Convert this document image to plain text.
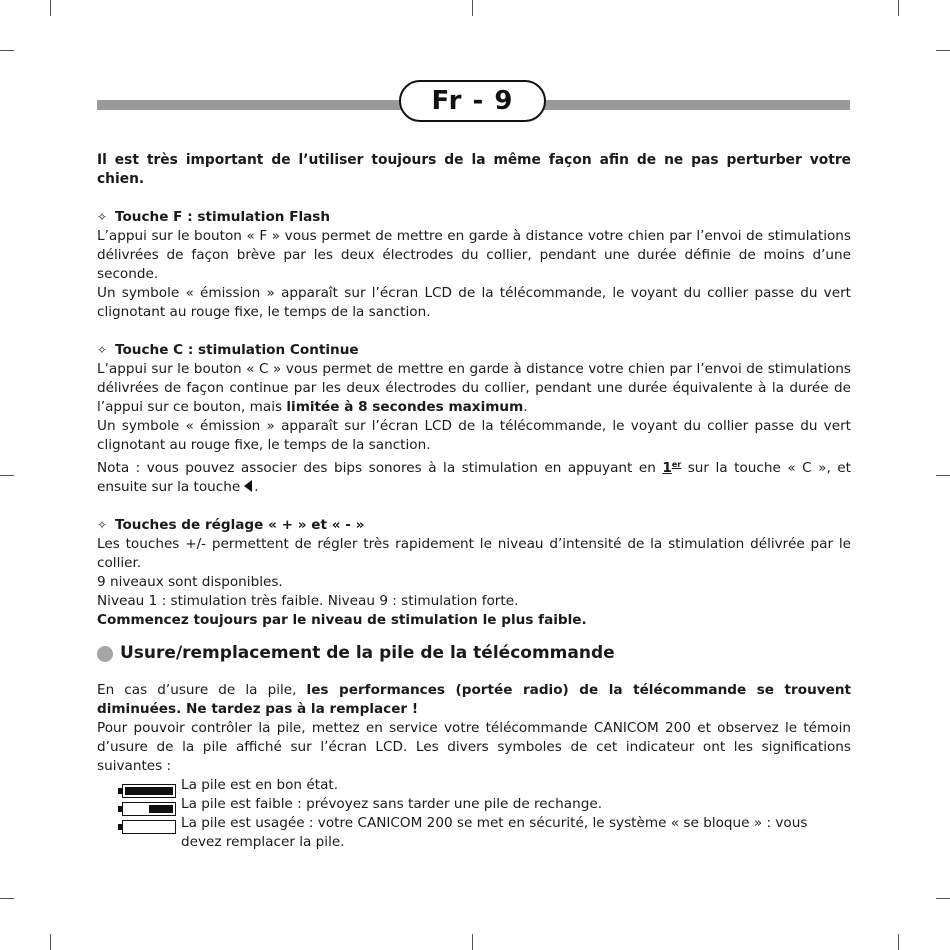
Fr - 9

Il est très important de l’utiliser toujours de la même façon afin de ne pas perturber votre chien.

✧ Touche F : stimulation Flash

L’appui sur le bouton « F » vous permet de mettre en garde à distance votre chien par l’envoi de stimulations délivrées de façon brève par les deux électrodes du collier, pendant une durée définie de moins d’une seconde.

Un symbole « émission » apparaît sur l’écran LCD de la télécommande, le voyant du collier passe du vert clignotant au rouge fixe, le temps de la sanction.

✧ Touche C : stimulation Continue

L’appui sur le bouton « C » vous permet de mettre en garde à distance votre chien par l’envoi de stimulations délivrées de façon continue par les deux électrodes du collier, pendant une durée équivalente à la durée de l’appui sur ce bouton, mais limitée à 8 secondes maximum.

Un symbole « émission » apparaît sur l’écran LCD de la télécommande, le voyant du collier passe du vert clignotant au rouge fixe, le temps de la sanction.

Nota : vous pouvez associer des bips sonores à la stimulation en appuyant en 1er sur la touche « C », et ensuite sur la touche .

✧ Touches de réglage « + » et « - »

Les touches +/- permettent de régler très rapidement le niveau d’intensité de la stimulation délivrée par le collier.

9 niveaux sont disponibles.

Niveau 1 : stimulation très faible. Niveau 9 : stimulation forte.

Commencez toujours par le niveau de stimulation le plus faible.

Usure/remplacement de la pile de la télécommande

En cas d’usure de la pile, les performances (portée radio) de la télécommande se trouvent diminuées. Ne tardez pas à la remplacer !

Pour pouvoir contrôler la pile, mettez en service votre télécommande CANICOM 200 et observez le témoin d’usure de la pile affiché sur l’écran LCD. Les divers symboles de cet indicateur ont les significations suivantes :

La pile est en bon état.

La pile est faible : prévoyez sans tarder une pile de rechange.

La pile est usagée : votre CANICOM 200 se met en sécurité, le système « se bloque » : vous devez remplacer la pile.
